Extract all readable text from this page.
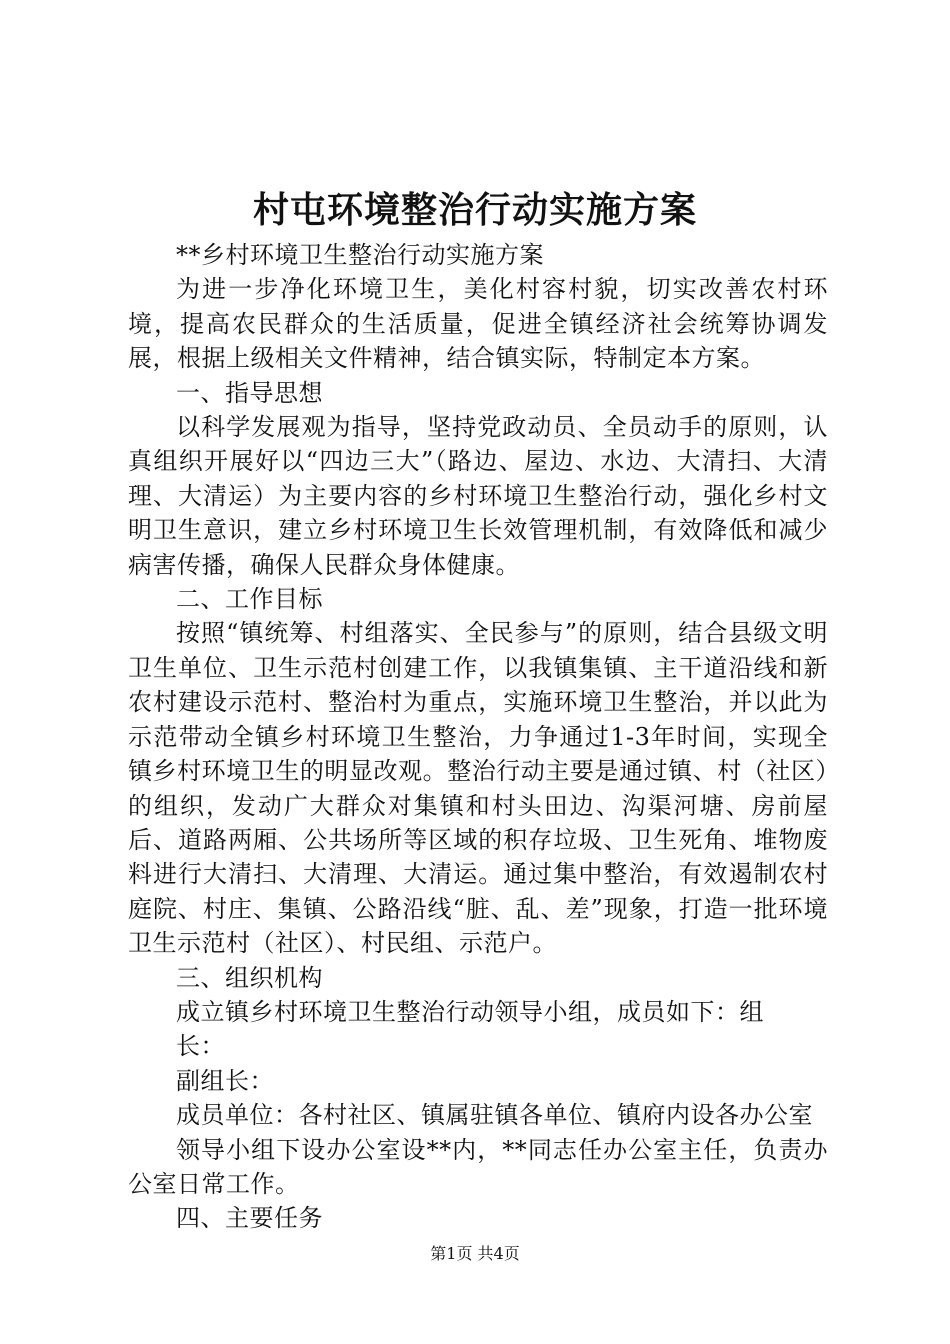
村屯环境整治行动实施方案

**乡村环境卫生整治行动实施方案

为进一步净化环境卫生，美化村容村貌，切实改善农村环境，提高农民群众的生活质量，促进全镇经济社会统筹协调发展，根据上级相关文件精神，结合镇实际，特制定本方案。

一、指导思想

以科学发展观为指导，坚持党政动员、全员动手的原则，认真组织开展好以“四边三大”（路边、屋边、水边、大清扫、大清理、大清运）为主要内容的乡村环境卫生整治行动，强化乡村文明卫生意识，建立乡村环境卫生长效管理机制，有效降低和减少病害传播，确保人民群众身体健康。

二、工作目标

按照“镇统筹、村组落实、全民参与”的原则，结合县级文明卫生单位、卫生示范村创建工作，以我镇集镇、主干道沿线和新农村建设示范村、整治村为重点，实施环境卫生整治，并以此为示范带动全镇乡村环境卫生整治，力争通过1-3年时间，实现全镇乡村环境卫生的明显改观。整治行动主要是通过镇、村（社区）的组织，发动广大群众对集镇和村头田边、沟渠河塘、房前屋后、道路两厢、公共场所等区域的积存垃圾、卫生死角、堆物废料进行大清扫、大清理、大清运。通过集中整治，有效遏制农村庭院、村庄、集镇、公路沿线“脏、乱、差”现象，打造一批环境卫生示范村（社区）、村民组、示范户。

三、组织机构

成立镇乡村环境卫生整治行动领导小组，成员如下：组

长：

副组长：

成员单位：各村社区、镇属驻镇各单位、镇府内设各办公室

领导小组下设办公室设**内，**同志任办公室主任，负责办公室日常工作。

四、主要任务

第1页 共4页
